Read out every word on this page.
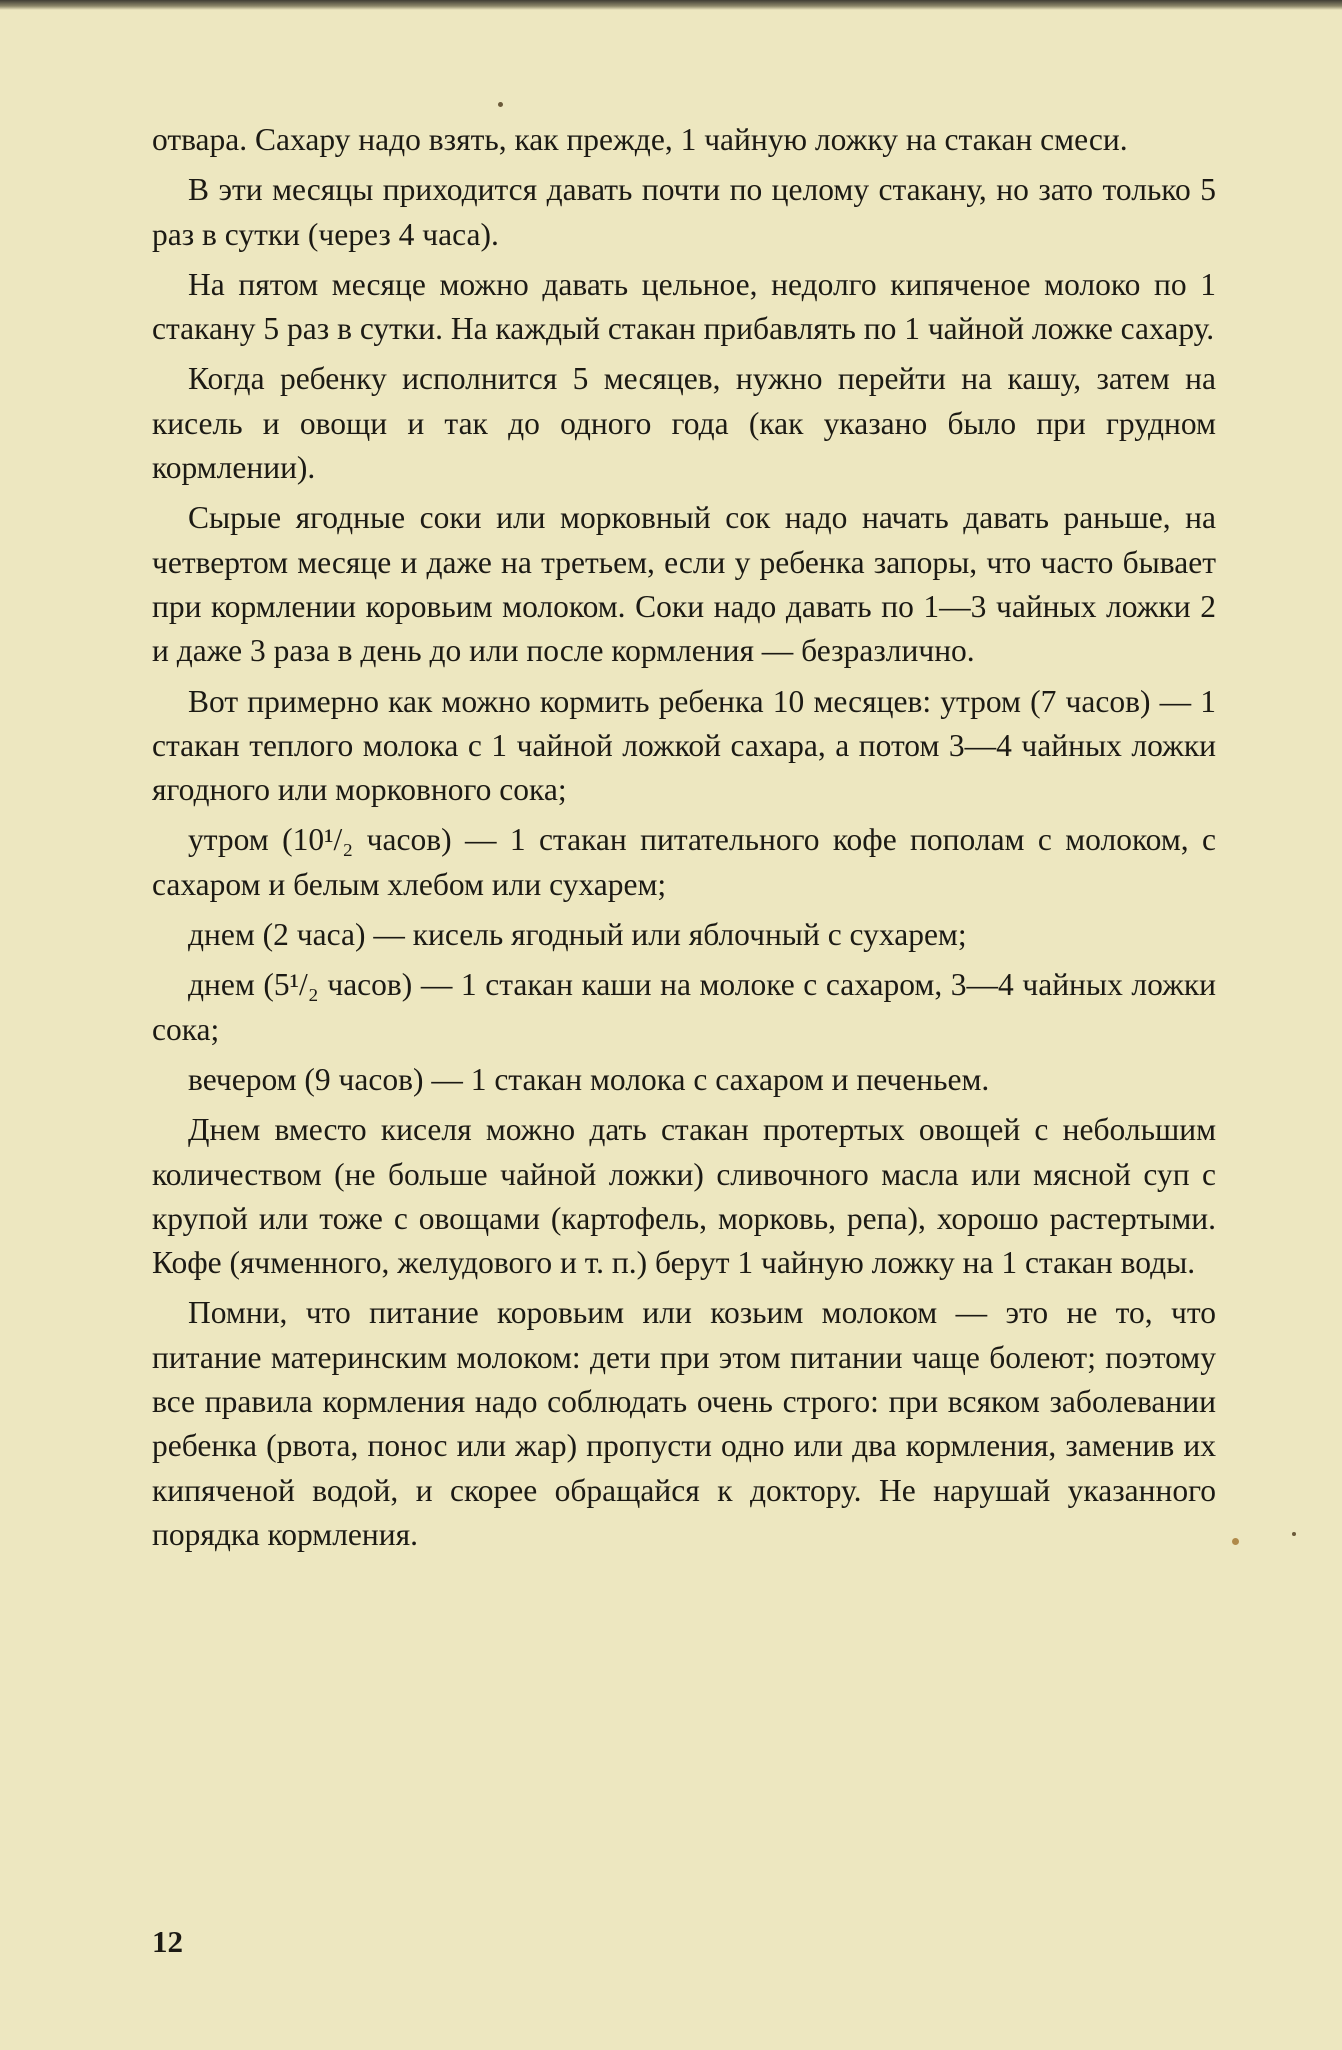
отвара. Сахару надо взять, как прежде, 1 чайную ложку на стакан смеси.

В эти месяцы приходится давать почти по целому стакану, но зато только 5 раз в сутки (через 4 часа).

На пятом месяце можно давать цельное, недолго кипяченое молоко по 1 стакану 5 раз в сутки. На каждый стакан прибавлять по 1 чайной ложке сахару.

Когда ребенку исполнится 5 месяцев, нужно перейти на кашу, затем на кисель и овощи и так до одного года (как указано было при грудном кормлении).

Сырые ягодные соки или морковный сок надо начать давать раньше, на четвертом месяце и даже на третьем, если у ребенка запоры, что часто бывает при кормлении коровьим молоком. Соки надо давать по 1—3 чайных ложки 2 и даже 3 раза в день до или после кормления — безразлично.

Вот примерно как можно кормить ребенка 10 месяцев: утром (7 часов) — 1 стакан теплого молока с 1 чайной ложкой сахара, а потом 3—4 чайных ложки ягодного или морковного сока;

утром (10¹/₂ часов) — 1 стакан питательного кофе пополам с молоком, с сахаром и белым хлебом или сухарем;

днем (2 часа) — кисель ягодный или яблочный с сухарем;

днем (5¹/₂ часов) — 1 стакан каши на молоке с сахаром, 3—4 чайных ложки сока;

вечером (9 часов) — 1 стакан молока с сахаром и печеньем.

Днем вместо киселя можно дать стакан протертых овощей с небольшим количеством (не больше чайной ложки) сливочного масла или мясной суп с крупой или тоже с овощами (картофель, морковь, репа), хорошо растертыми. Кофе (ячменного, желудового и т. п.) берут 1 чайную ложку на 1 стакан воды.

Помни, что питание коровьим или козьим молоком — это не то, что питание материнским молоком: дети при этом питании чаще болеют; поэтому все правила кормления надо соблюдать очень строго: при всяком заболевании ребенка (рвота, понос или жар) пропусти одно или два кормления, заменив их кипяченой водой, и скорее обращайся к доктору. Не нарушай указанного порядка кормления.

12
